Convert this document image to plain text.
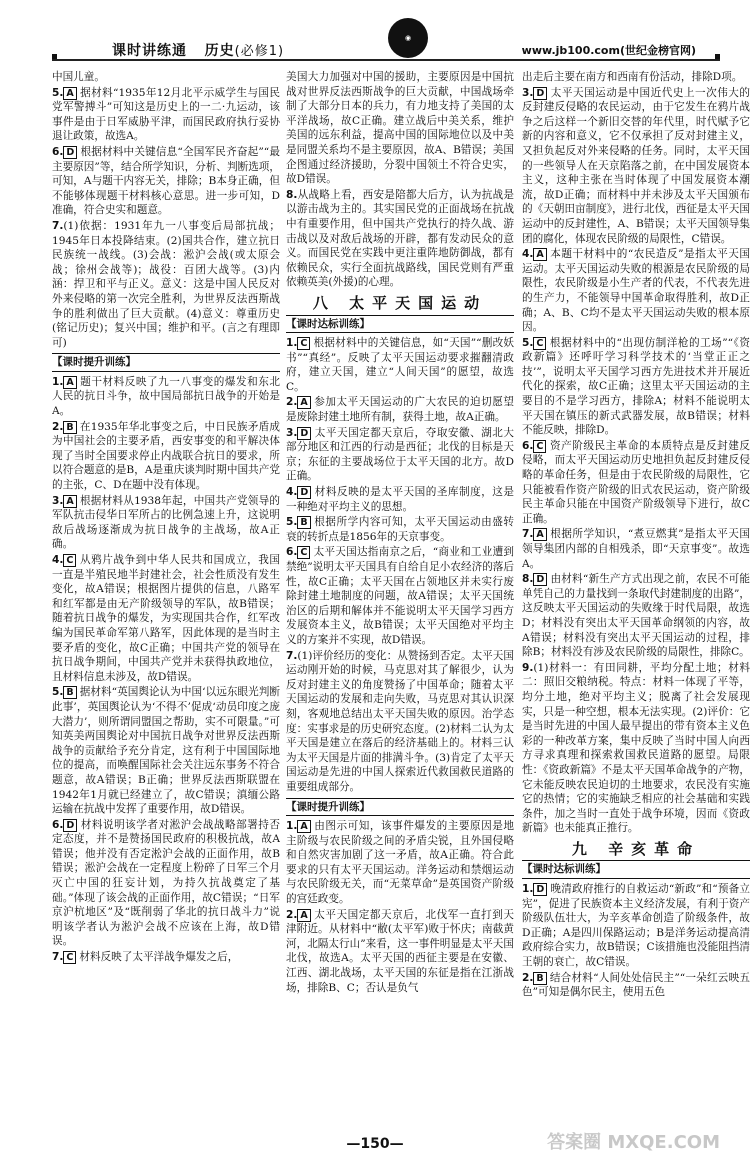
课时讲练通 历史(必修1)
◉
www.jb100.com(世纪金榜官网)

中国儿童。

5. A 据材料“1935年12月北平示威学生与国民党军警搏斗”可知这是历史上的一二·九运动，该事件是由于日军威胁平津，而国民政府执行妥协退让政策，故选A。

6. D 根据材料中关键信息“全国军民齐奋起”“最主要原因”等，结合所学知识，分析、判断选项，可知，A与题干内容无关，排除；B本身正确，但不能够体现题干材料核心意思。进一步可知，D准确，符合史实和题意。

7.(1)依据：1931年九一八事变后局部抗战；1945年日本投降结束。(2)国共合作，建立抗日民族统一战线。(3)会战：淞沪会战(或太原会战；徐州会战等)；战役：百团大战等。(3)内涵：捍卫和平与正义。意义：这是中国人民反对外来侵略的第一次完全胜利，为世界反法西斯战争的胜利做出了巨大贡献。(4)意义：尊重历史(铭记历史)；复兴中国；维护和平。(言之有理即可)

【课时提升训练】

1. A 题干材料反映了九一八事变的爆发和东北人民的抗日斗争，故中国局部抗日战争的开始是A。

2. B 在1935年华北事变之后，中日民族矛盾成为中国社会的主要矛盾，西安事变的和平解决体现了当时全国要求停止内战联合抗日的要求，所以符合题意的是B，A是重庆谈判时期中国共产党的主张，C、D在题中没有体现。

3. A 根据材料从1938年起，中国共产党领导的军队抗击侵华日军所占的比例急速上升，这说明敌后战场逐渐成为抗日战争的主战场，故A正确。

4. C 从鸦片战争到中华人民共和国成立，我国一直是半殖民地半封建社会，社会性质没有发生变化，故A错误；根据图片提供的信息，八路军和红军都是由无产阶级领导的军队，故B错误；随着抗日战争的爆发，为实现国共合作，红军改编为国民革命军第八路军，因此体现的是当时主要矛盾的变化，故C正确；中国共产党的领导在抗日战争期间，中国共产党并未获得执政地位，且材料信息未涉及，故D错误。

5. B 据材料“英国舆论认为中国‘以远东眼光判断此事’，英国舆论认为‘不得不’促成‘动员印度之庞大潜力’，则所谓同盟国之帮助，实不可限量。”可知英美两国舆论对中国抗日战争对世界反法西斯战争的贡献给予充分肯定，这有利于中国国际地位的提高，而唤醒国际社会关注远东事务不符合题意，故A错误；B正确；世界反法西斯联盟在1942年1月就已经建立了，故C错误；滇缅公路运输在抗战中发挥了重要作用，故D错误。

6. D 材料说明该学者对淞沪会战战略部署持否定态度，并不是赞扬国民政府的积极抗战，故A错误；他并没有否定淞沪会战的正面作用，故B错误；淞沪会战在一定程度上粉碎了日军三个月灭亡中国的狂妄计划，为持久抗战奠定了基础。”体现了该会战的正面作用，故C错误；“日军京沪杭地区”及“既削弱了华北的抗日战斗力”说明该学者认为淞沪会战不应该在上海，故D错误。

7. C 材料反映了太平洋战争爆发之后，

美国大力加强对中国的援助，主要原因是中国抗战对世界反法西斯战争的巨大贡献，中国战场牵制了大部分日本的兵力，有力地支持了美国的太平洋战场，故C正确。建立战后中美关系，维护美国的远东利益，提高中国的国际地位以及中美是同盟关系均不是主要原因，故A、B错误；美国企图通过经济援助，分裂中国领土不符合史实，故D错误。

8.从战略上看，西安是陪都大后方，认为抗战是以游击战为主的。其实国民党的正面战场在抗战中有重要作用，但中国共产党执行的持久战、游击战以及对敌后战场的开辟，都有发动民众的意义。而国民党在实践中更注重阵地防御战，都有依赖民众，实行全面抗战路线，国民党则有严重依赖英美(外援)的心理。

八 太平天国运动
【课时达标训练】

1. C 根据材料中的关键信息，如“天国”“删改妖书”“真经”。反映了太平天国运动要求摧翻清政府，建立天国，建立“人间天国”的愿望，故选C。

2. A 参加太平天国运动的广大农民的迫切愿望是废除封建土地所有制，获得土地，故A正确。

3. D 太平天国定都天京后，夺取安徽、湖北大部分地区和江西的行动是西征；北伐的目标是天京；东征的主要战场位于太平天国的北方。故D正确。

4. D 材料反映的是太平天国的圣库制度，这是一种绝对平均主义的思想。

5. B 根据所学内容可知，太平天国运动由盛转衰的转折点是1856年的天京事变。

6. C 太平天国达指南京之后，“商业和工业遭到禁绝”说明太平天国具有自给自足小农经济的落后性，故C正确；太平天国在占领地区并未实行废除封建土地制度的问题，故A错误；太平天国统治区的后期和解体并不能说明太平天国学习西方发展资本主义，故B错误；太平天国绝对平均主义的方案并不实现，故D错误。

7.(1)评价经历的变化：从赞扬到否定。太平天国运动刚开始的时候，马克思对其了解很少，认为反对封建主义的角度赞扬了中国革命；随着太平天国运动的发展和走向失败，马克思对其认识深刻，客观地总结出太平天国失败的原因。治学态度：实事求是的历史研究态度。(2)材料二认为太平天国是建立在落后的经济基础上的。材料三认为太平天国是片面的排满斗争。(3)肯定了太平天国运动是先进的中国人探索近代救国救民道路的重要组成部分。

【课时提升训练】

1. A 由图示可知，该事件爆发的主要原因是地主阶级与农民阶级之间的矛盾尖锐，且外国侵略和自然灾害加剧了这一矛盾，故A正确。符合此要求的只有太平天国运动。洋务运动和禁烟运动与农民阶级无关，而“无菜草命”是英国资产阶级的宫廷政变。

2. A 太平天国定都天京后，北伐军一直打到天津附近。从材料中“敝(太平军)败于怀庆；南截黄河，北隔太行山”来看，这一事件明显是太平天国北伐，故选A。太平天国的西征主要是在安徽、江西、湖北战场，太平天国的东征是指在江浙战场，排除B、C；否认是负气

出走后主要在南方和西南有份活动，排除D项。

3. D 太平天国运动是中国近代史上一次伟大的反封建反侵略的农民运动，由于它发生在鸦片战争之后这样一个新旧交替的年代里，时代赋予它新的内容和意义，它不仅承担了反对封建主义，又担负起反对外来侵略的任务。同时，太平天国的一些领导人在天京陷落之前，在中国发展资本主义，这种主张在当时体现了中国发展资本潮流，故D正确；而材料中并未涉及太平天国颁布的《天朝田亩制度》，进行北伐，西征是太平天国运动中的反封建性，A、B错误；太平天国领导集团的腐化，体现农民阶级的局限性，C错误。

4. A 本题干材料中的“农民造反”是指太平天国运动。太平天国运动失败的根源是农民阶级的局限性，农民阶级是小生产者的代表，不代表先进的生产力，不能领导中国革命取得胜利，故D正确；A、B、C均不是太平天国运动失败的根本原因。

5. C 根据材料中的“出现仿制洋枪的工场”“《资政新篇》还呼吁学习科学技术的‘当堂正正之技’”，说明太平天国学习西方先进技术并开展近代化的探索，故C正确；这里太平天国运动的主要目的不是学习西方，排除A；材料不能说明太平天国在镇压的新式武器发展，故B错误；材料不能反映，排除D。

6. C 资产阶级民主革命的本质特点是反封建反侵略，而太平天国运动历史地担负起反封建反侵略的革命任务，但是由于农民阶级的局限性，它只能被看作资产阶级的旧式农民运动，资产阶级民主革命只能在中国资产阶级领导下进行，故C正确。

7. A 根据所学知识，“煮豆燃萁”是指太平天国领导集团内部的自相残杀，即“天京事变”。故选A。

8. D 由材料“新生产方式出现之前，农民不可能单凭自己的力量找到一条取代封建制度的出路”，这反映太平天国运动的失败缘于时代局限，故选D；材料没有突出太平天国革命纲领的内容，故A错误；材料没有突出太平天国运动的过程，排除B；材料没有涉及农民阶级的局限性，排除C。

9.(1)材料一：有田同耕，平均分配土地；材料二：照旧交粮纳税。特点：材料一体现了平等，均分土地，绝对平均主义；脱离了社会发展现实，只是一种空想，根本无法实现。(2)评价：它是当时先进的中国人最早提出的带有资本主义色彩的一种改革方案，集中反映了当时中国人向西方寻求真理和探索救国救民道路的愿望。局限性：《资政新篇》不是太平天国革命战争的产物，它未能反映农民迫切的土地要求，农民没有实施它的热情；它的实施缺乏相应的社会基础和实践条件，加之当时一直处于战争环境，因而《资政新篇》也未能真正推行。

九 辛亥革命
【课时达标训练】

1. D 晚清政府推行的自救运动“新政”和“预备立宪”，促进了民族资本主义经济发展，有利于资产阶级队伍壮大，为辛亥革命创造了阶级条件，故D正确；A是四川保路运动；B是洋务运动提高清政府综合实力，故B错误；C该措施也没能阻挡清王朝的衰亡，故C错误。

2. B 结合材料“人间处处信民主”“一朵红云映五色”可知是偶尔民主，使用五色

—150—	答案圈 MXQE.COM
